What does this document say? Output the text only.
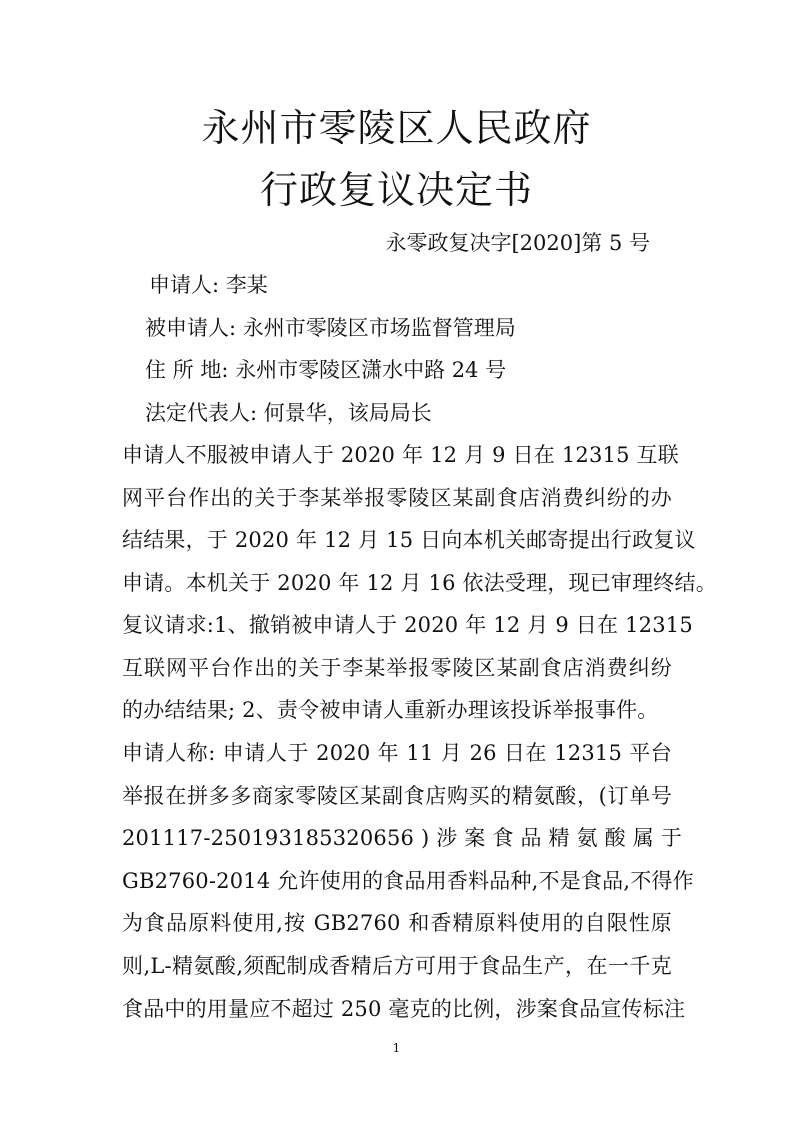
永州市零陵区人民政府
行政复议决定书
永零政复决字[2020]第 5 号
申请人: 李某
被申请人: 永州市零陵区市场监督管理局
住 所 地: 永州市零陵区潇水中路 24 号
法定代表人: 何景华，该局局长
申请人不服被申请人于 2020 年 12 月 9 日在 12315 互联
网平台作出的关于李某举报零陵区某副食店消费纠纷的办
结结果，于 2020 年 12 月 15 日向本机关邮寄提出行政复议
申请。本机关于 2020 年 12 月 16 依法受理，现已审理终结。
复议请求:1、撤销被申请人于 2020 年 12 月 9 日在 12315
互联网平台作出的关于李某举报零陵区某副食店消费纠纷
的办结结果; 2、责令被申请人重新办理该投诉举报事件。
申请人称: 申请人于 2020 年 11 月 26 日在 12315 平台
举报在拼多多商家零陵区某副食店购买的精氨酸，(订单号
201117-250193185320656 ) 涉 案 食 品 精 氨 酸 属 于
GB2760-2014 允许使用的食品用香料品种,不是食品,不得作
为食品原料使用,按 GB2760 和香精原料使用的自限性原
则,L-精氨酸,须配制成香精后方可用于食品生产，在一千克
食品中的用量应不超过 250 毫克的比例，涉案食品宣传标注
1
